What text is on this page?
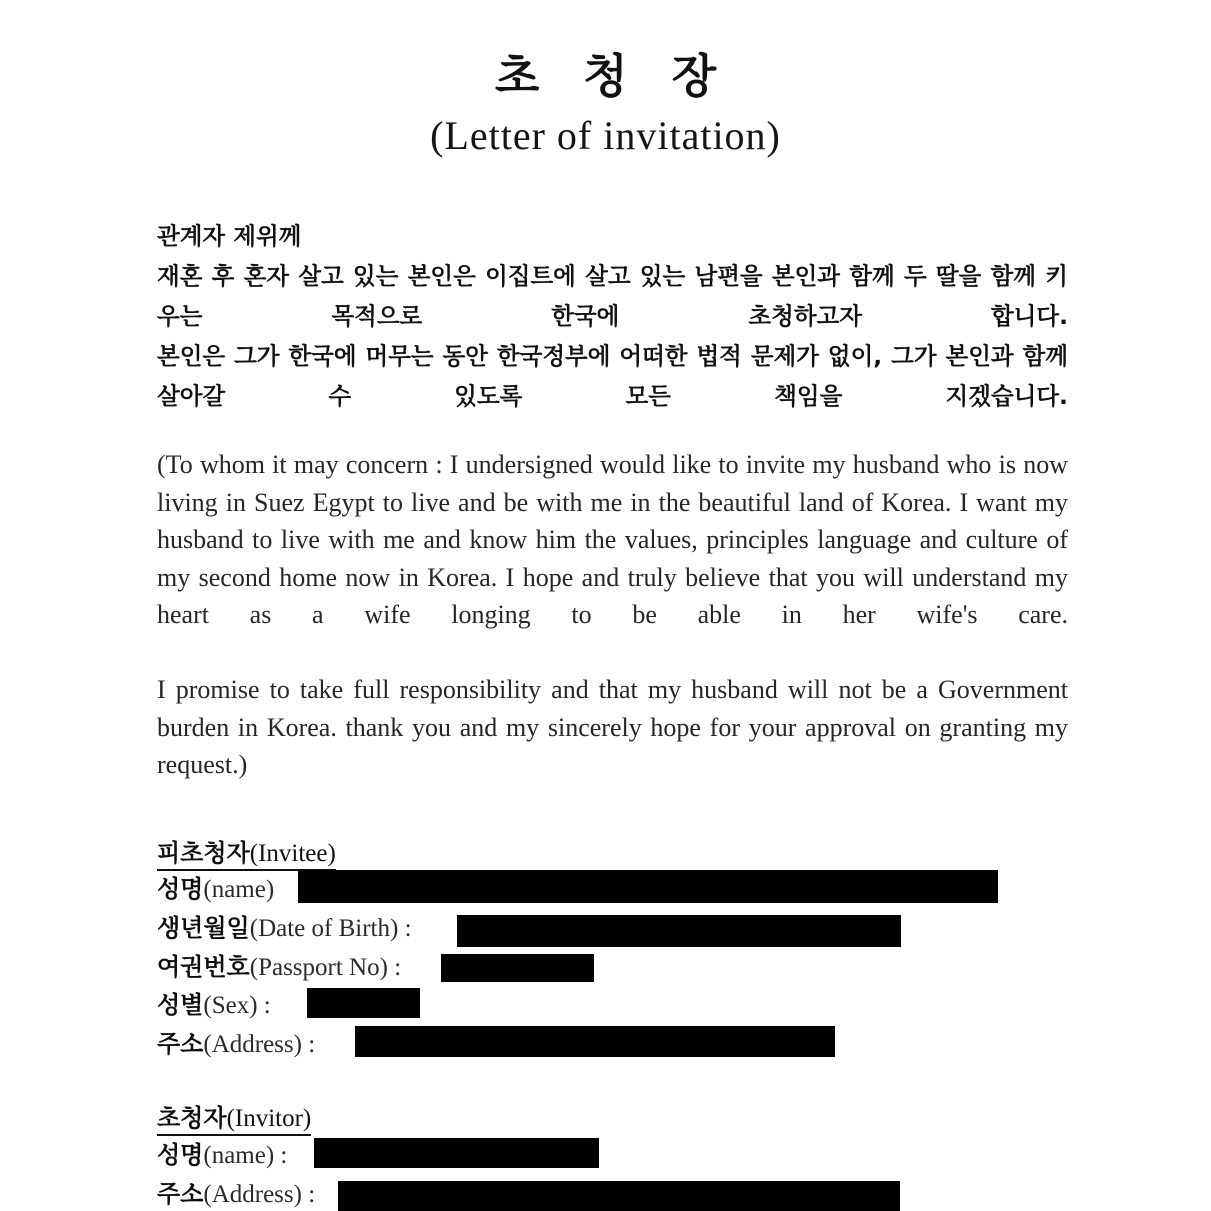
초 청 장
(Letter of invitation)

관계자 제위께

재혼 후 혼자 살고 있는 본인은 이집트에 살고 있는 남편을 본인과 함께 두 딸을 함께 키우는 목적으로 한국에 초청하고자 합니다.

본인은 그가 한국에 머무는 동안 한국정부에 어떠한 법적 문제가 없이, 그가 본인과 함께 살아갈 수 있도록 모든 책임을 지겠습니다.

(To whom it may concern : I undersigned would like to invite my husband who is now living in Suez Egypt to live and be with me in the beautiful land of Korea. I want my husband to live with me and know him the values, principles language and culture of my second home now in Korea. I hope and truly believe that you will understand my heart as a wife longing to be able in her wife's care.

I promise to take full responsibility and that my husband will not be a Government burden in Korea. thank you and my sincerely hope for your approval on granting my request.)

피초청자(Invitee)
성명(name)
생년월일(Date of Birth) :
여권번호(Passport No) :
성별(Sex) :
주소(Address) :
초청자(Invitor)
성명(name) :
주소(Address) :
